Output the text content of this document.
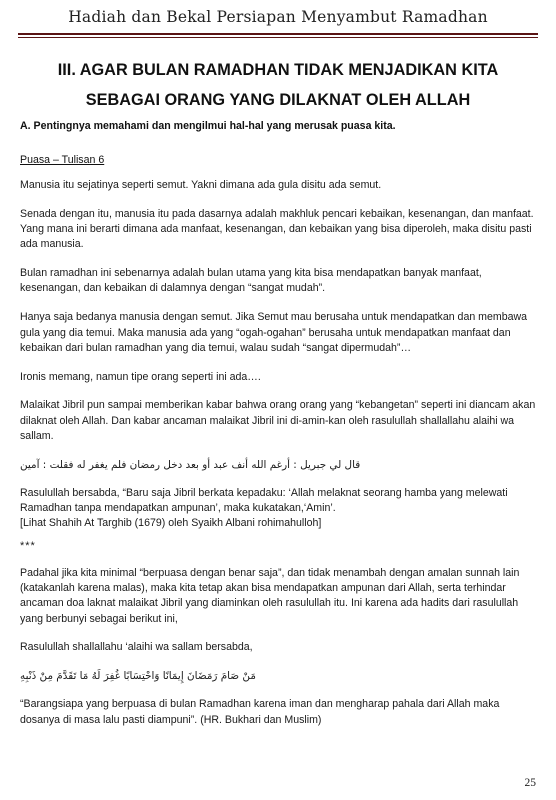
Hadiah dan Bekal Persiapan Menyambut Ramadhan
III. AGAR BULAN RAMADHAN TIDAK MENJADIKAN KITA
SEBAGAI ORANG YANG DILAKNAT OLEH ALLAH
A. Pentingnya memahami dan mengilmui hal-hal yang merusak puasa kita.
Puasa – Tulisan 6

Manusia itu sejatinya seperti semut. Yakni dimana ada gula disitu ada semut.

Senada dengan itu, manusia itu pada dasarnya adalah makhluk pencari kebaikan, kesenangan, dan manfaat. Yang mana ini berarti dimana ada manfaat, kesenangan, dan kebaikan yang bisa diperoleh, maka disitu pasti ada manusia.

Bulan ramadhan ini sebenarnya adalah bulan utama yang kita bisa mendapatkan banyak manfaat, kesenangan, dan kebaikan di dalamnya dengan “sangat mudah”.

Hanya saja bedanya manusia dengan semut. Jika Semut mau berusaha untuk mendapatkan dan membawa gula yang dia temui. Maka manusia ada yang “ogah-ogahan” berusaha untuk mendapatkan manfaat dan kebaikan dari bulan ramadhan yang dia temui, walau sudah “sangat dipermudah”…

Ironis memang, namun tipe orang seperti ini ada….

Malaikat Jibril pun sampai memberikan kabar bahwa orang orang yang “kebangetan” seperti ini diancam akan dilaknat oleh Allah. Dan kabar ancaman malaikat Jibril ini di-amin-kan oleh rasulullah shallallahu alaihi wa sallam.

قال لي جبريل : أرغم الله أنف عبد أو بعد دخل رمضان فلم يغفر له فقلت : آمين

Rasulullah bersabda, “Baru saja Jibril berkata kepadaku: ‘Allah melaknat seorang hamba yang melewati Ramadhan tanpa mendapatkan ampunan’, maka kukatakan,‘Amin’.
[Lihat Shahih At Targhib (1679) oleh Syaikh Albani rohimahulloh]

***

Padahal jika kita minimal “berpuasa dengan benar saja”, dan tidak menambah dengan amalan sunnah lain (katakanlah karena malas), maka kita tetap akan bisa mendapatkan ampunan dari Allah, serta terhindar ancaman doa laknat malaikat Jibril yang diaminkan oleh rasulullah itu. Ini karena ada hadits dari rasulullah yang berbunyi sebagai berikut ini,

Rasulullah shallallahu ‘alaihi wa sallam bersabda,

مَنْ صَامَ رَمَضَانَ إِيمَانًا وَاحْتِسَابًا غُفِرَ لَهُ مَا تَقَدَّمَ مِنْ ذَنْبِهِ

“Barangsiapa yang berpuasa di bulan Ramadhan karena iman dan mengharap pahala dari Allah maka dosanya di masa lalu pasti diampuni”. (HR. Bukhari dan Muslim)

25
